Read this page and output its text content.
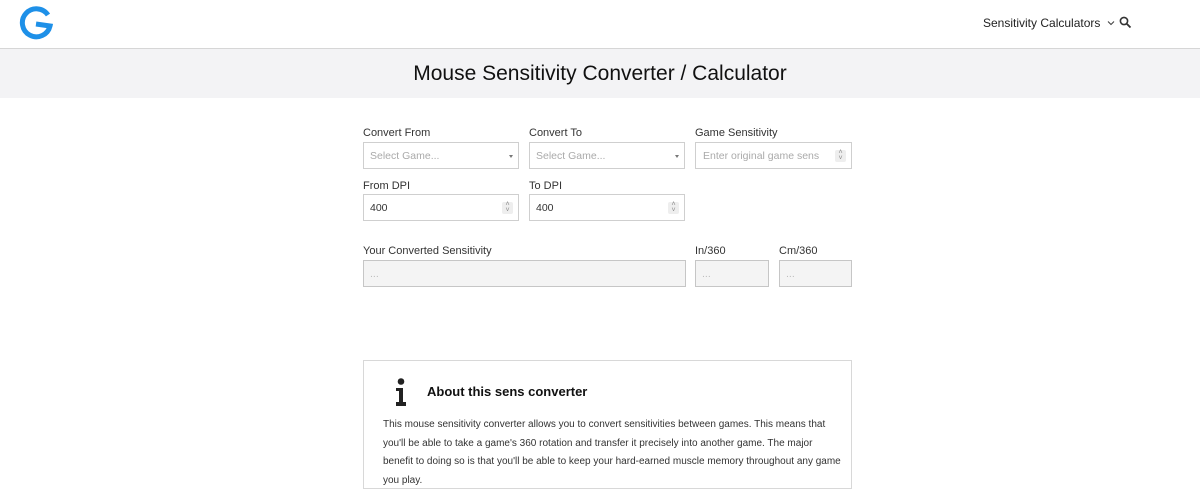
Sensitivity Calculators
Mouse Sensitivity Converter / Calculator
Convert From
Select Game...
Convert To
Select Game...
Game Sensitivity
Enter original game sens	˄
˅
From DPI
400	˄
˅
To DPI
400	˄
˅
Your Converted Sensitivity
...
In/360
...
Cm/360
...
About this sens converter

This mouse sensitivity converter allows you to convert sensitivities between games. This means that you'll be able to take a game's 360 rotation and transfer it precisely into another game. The major benefit to doing so is that you'll be able to keep your hard-earned muscle memory throughout any game you play.
